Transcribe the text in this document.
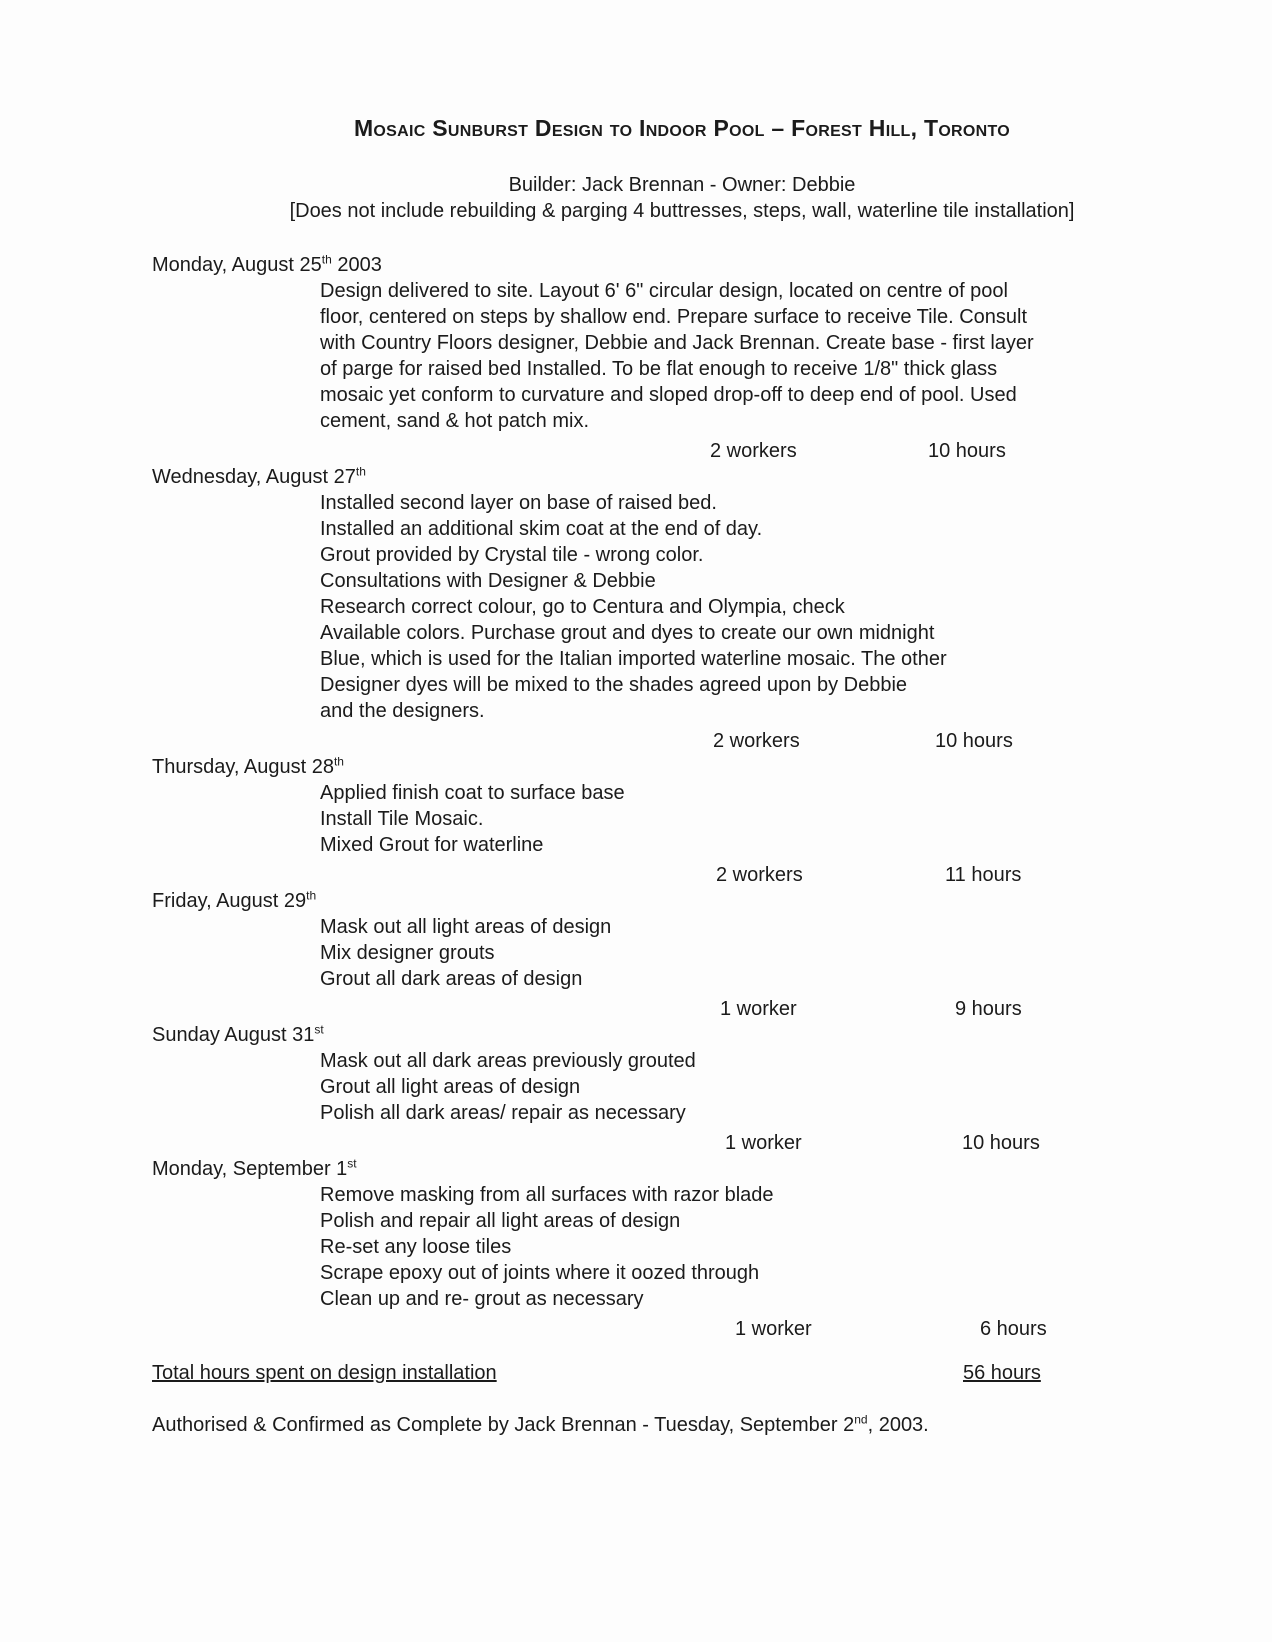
Mosaic Sunburst Design to Indoor Pool – Forest Hill, Toronto
Builder: Jack Brennan - Owner: Debbie
[Does not include rebuilding & parging 4 buttresses, steps, wall, waterline tile installation]
Monday, August 25th 2003
Design delivered to site. Layout 6' 6" circular design, located on centre of pool
floor, centered on steps by shallow end. Prepare surface to receive Tile. Consult
with Country Floors designer, Debbie and Jack Brennan. Create base - first layer
of parge for raised bed Installed. To be flat enough to receive 1/8" thick glass
mosaic yet conform to curvature and sloped drop-off to deep end of pool. Used
cement, sand & hot patch mix.
2 workers	10 hours
Wednesday, August 27th
Installed second layer on base of raised bed.
Installed an additional skim coat at the end of day.
Grout provided by Crystal tile - wrong color.
Consultations with Designer & Debbie
Research correct colour, go to Centura and Olympia, check
Available colors. Purchase grout and dyes to create our own midnight
Blue, which is used for the Italian imported waterline mosaic. The other
Designer dyes will be mixed to the shades agreed upon by Debbie
and the designers.
2 workers	10 hours
Thursday, August 28th
Applied finish coat to surface base
Install Tile Mosaic.
Mixed Grout for waterline
2 workers	11 hours
Friday, August 29th
Mask out all light areas of design
Mix designer grouts
Grout all dark areas of design
1 worker	9 hours
Sunday August 31st
Mask out all dark areas previously grouted
Grout all light areas of design
Polish all dark areas/ repair as necessary
1 worker	10 hours
Monday, September 1st
Remove masking from all surfaces with razor blade
Polish and repair all light areas of design
Re-set any loose tiles
Scrape epoxy out of joints where it oozed through
Clean up and re- grout as necessary
1 worker	6 hours
Total hours spent on design installation	56 hours
Authorised & Confirmed as Complete by Jack Brennan - Tuesday, September 2nd, 2003.
